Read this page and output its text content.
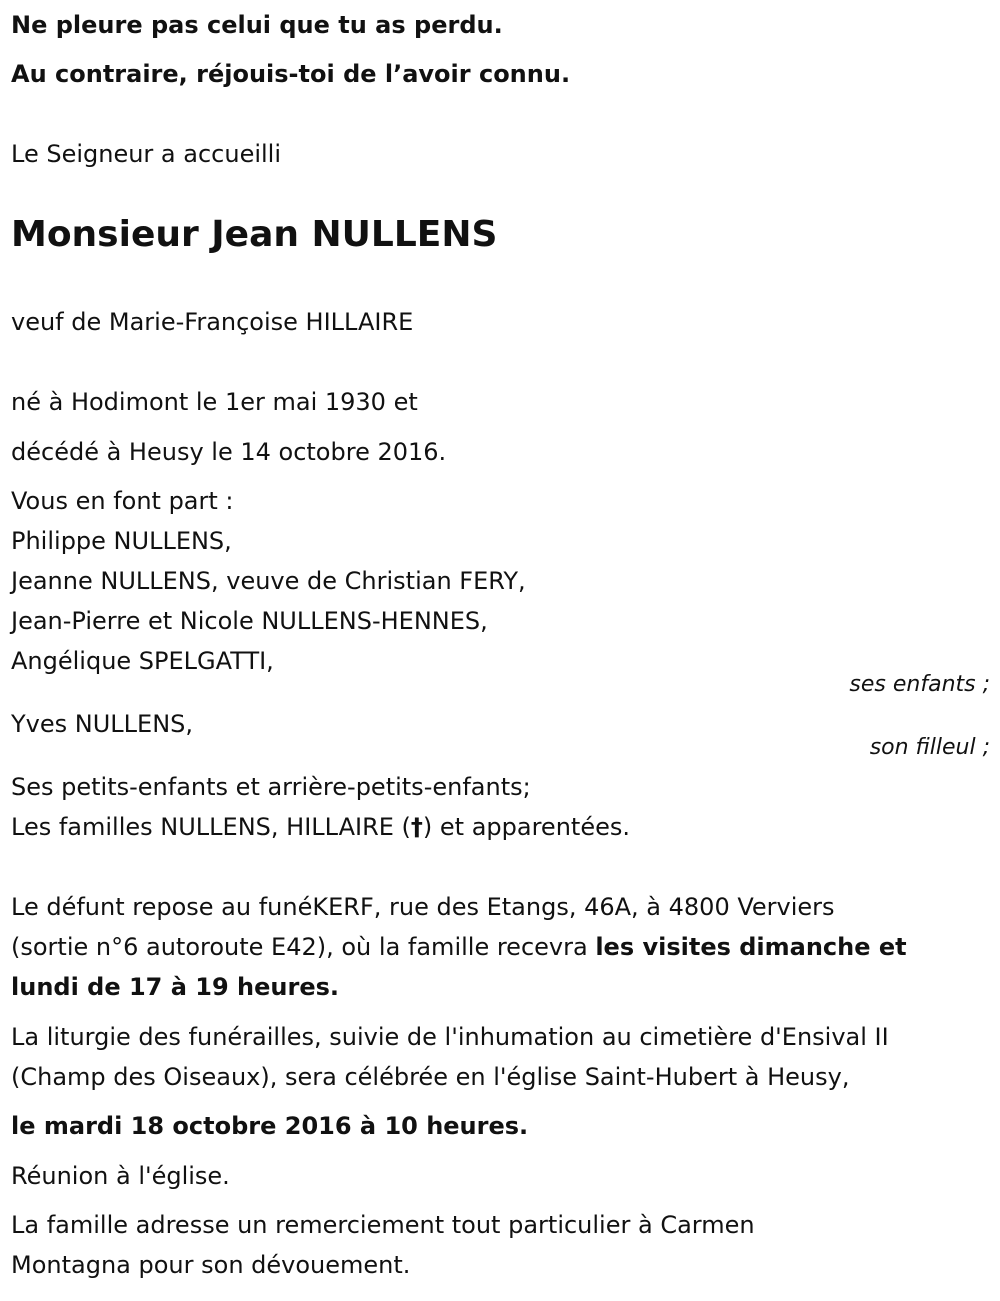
Ne pleure pas celui que tu as perdu.

Au contraire, réjouis-toi de l’avoir connu.

Le Seigneur a accueilli

Monsieur Jean NULLENS

veuf de Marie-Françoise HILLAIRE

né à Hodimont le 1er mai 1930 et

décédé à Heusy le 14 octobre 2016.

Vous en font part :

Philippe NULLENS,

Jeanne NULLENS, veuve de Christian FERY,

Jean-Pierre et Nicole NULLENS-HENNES,

Angélique SPELGATTI,

ses enfants ;

Yves NULLENS,

son filleul ;

Ses petits-enfants et arrière-petits-enfants;

Les familles NULLENS, HILLAIRE (†) et apparentées.

Le défunt repose au funéKERF, rue des Etangs, 46A, à 4800 Verviers

(sortie n°6 autoroute E42), où la famille recevra les visites dimanche et

lundi de 17 à 19 heures.

La liturgie des funérailles, suivie de l'inhumation au cimetière d'Ensival II

(Champ des Oiseaux), sera célébrée en l'église Saint-Hubert à Heusy,

le mardi 18 octobre 2016 à 10 heures.

Réunion à l'église.

La famille adresse un remerciement tout particulier à Carmen

Montagna pour son dévouement.
